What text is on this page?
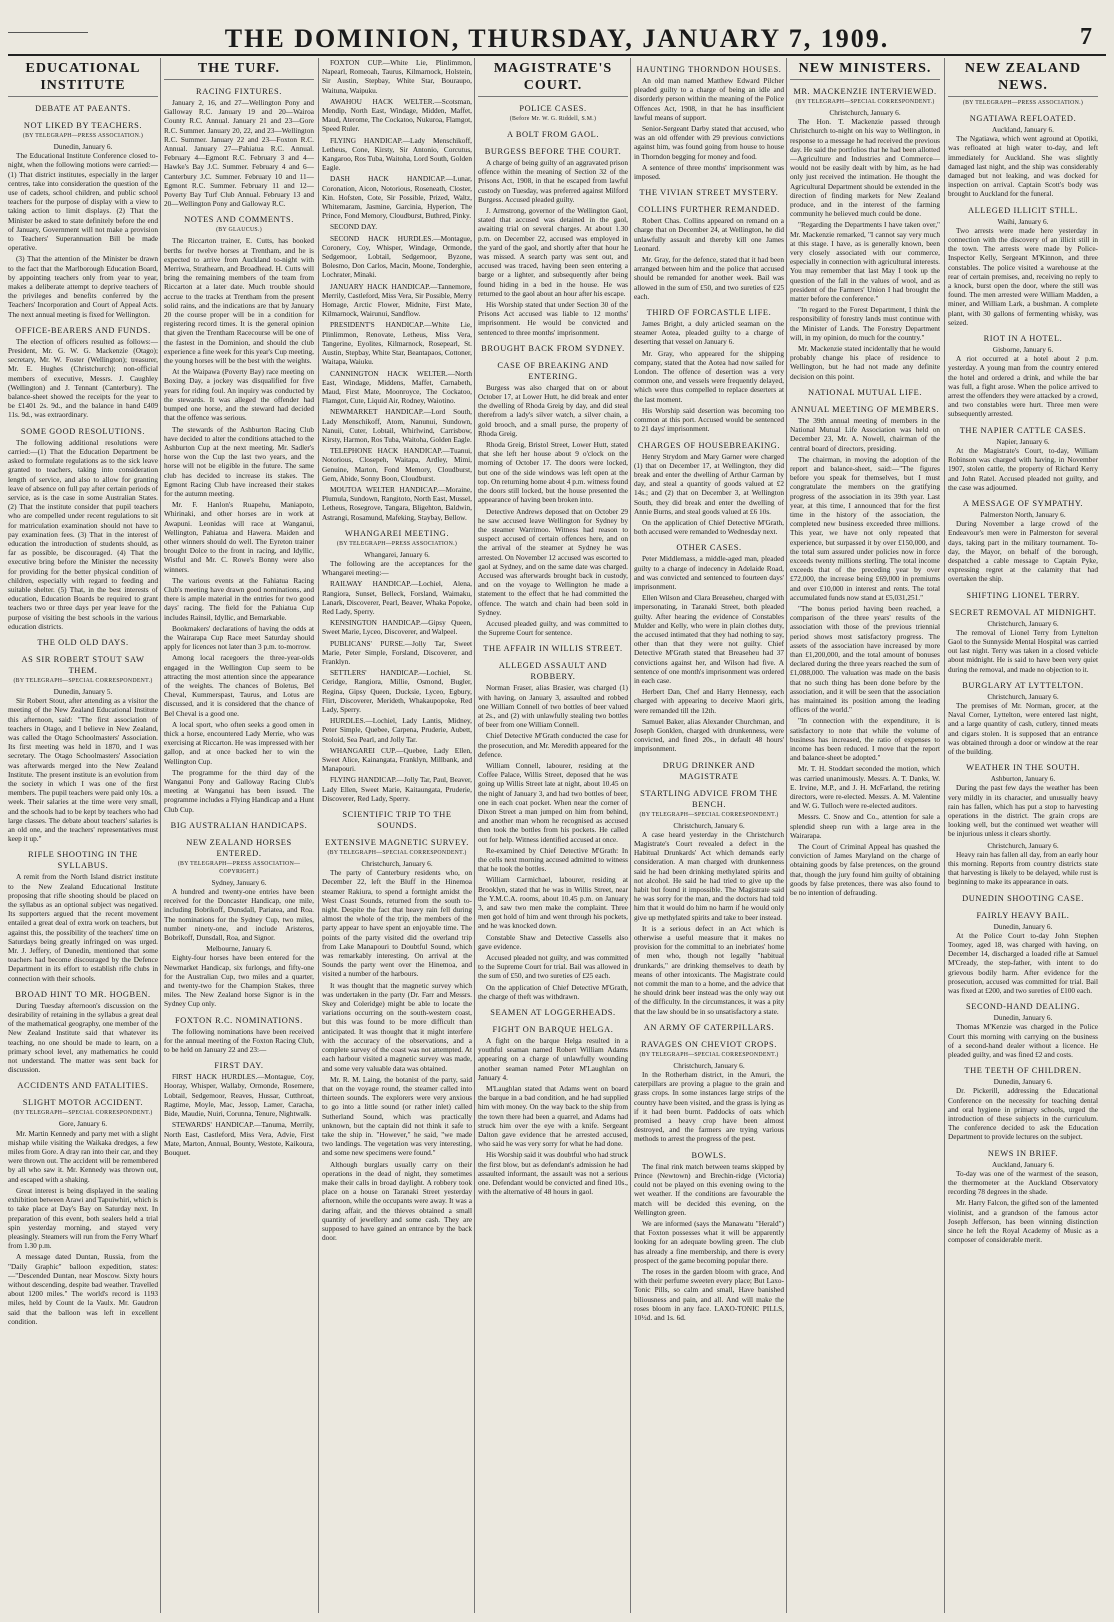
THE DOMINION, THURSDAY, JANUARY 7, 1909.	7
EDUCATIONAL INSTITUTE
DEBATE AT PAEANTS.
NOT LIKED BY TEACHERS.
(BY TELEGRAPH—PRESS ASSOCIATION.)
Dunedin, January 6.

The Educational Institute Conference closed to-night, when the following motions were carried:— (1) That district institutes, especially in the larger centres, take into consideration the question of the use of cadets, school children, and public school teachers for the purpose of display with a view to taking action to limit displays. (2) That the Minister be asked to state definitely before the end of January, Government will not make a provision to Teachers' Superannuation Bill be made operative.

(3) That the attention of the Minister be drawn to the fact that the Marlborough Education Board, by appointing teachers only from year to year, makes a deliberate attempt to deprive teachers of the privileges and benefits conferred by the Teachers' Incorporation and Court of Appeal Acts. The next annual meeting is fixed for Wellington.

OFFICE-BEARERS AND FUNDS.

The election of officers resulted as follows:—President, Mr. G. W. G. Mackenzie (Otago); secretary, Mr. W. Foster (Wellington); treasurer, Mr. E. Hughes (Christchurch); non-official members of executive, Messrs. J. Caughley (Wellington) and J. Tennant (Canterbury). The balance-sheet showed the receipts for the year to be £1401 2s. 9d., and the balance in hand £409 11s. 9d., was extraordinary.

SOME GOOD RESOLUTIONS.

The following additional resolutions were carried:—(1) That the Education Department be asked to formulate regulations as to the sick leave granted to teachers, taking into consideration length of service, and also to allow for granting leave of absence on full pay after certain periods of service, as is the case in some Australian States. (2) That the institute consider that pupil teachers who are compelled under recent regulations to sit for matriculation examination should not have to pay examination fees. (3) That in the interest of education the introduction of students should, as far as possible, be discouraged. (4) That the executive bring before the Minister the necessity for providing for the better physical condition of children, especially with regard to feeding and suitable shelter. (5) That, in the best interests of education, Education Boards be required to grant teachers two or three days per year leave for the purpose of visiting the best schools in the various education districts.

THE OLD OLD DAYS.
AS SIR ROBERT STOUT SAW THEM.
(BY TELEGRAPH—SPECIAL CORRESPONDENT.)
Dunedin, January 5.

Sir Robert Stout, after attending as a visitor the meeting of the New Zealand Educational Institute this afternoon, said: "The first association of teachers in Otago, and I believe in New Zealand, was called the Otago Schoolmasters' Association. Its first meeting was held in 1870, and I was secretary. The Otago Schoolmasters' Association was afterwards merged into the New Zealand Institute. The present institute is an evolution from the society in which I was one of the first members. The pupil teachers were paid only 10s. a week. Their salaries at the time were very small, and the schools had to be kept by teachers who had large classes. The debate about teachers' salaries is an old one, and the teachers' representatives must keep it up."

RIFLE SHOOTING IN THE SYLLABUS.

A remit from the North Island district institute to the New Zealand Educational Institute proposing that rifle shooting should be placed on the syllabus as an optional subject was negatived. Its supporters argued that the recent movement entailed a great deal of extra work on teachers, but against this, the possibility of the teachers' time on Saturdays being greatly infringed on was urged. Mr. J. Jeffery, of Dunedin, mentioned that some teachers had become discouraged by the Defence Department in its effort to establish rifle clubs in connection with their schools.

BROAD HINT TO MR. HOGBEN.

During Tuesday afternoon's discussion on the desirability of retaining in the syllabus a great deal of the mathematical geography, one member of the New Zealand Institute said that whatever its teaching, no one should be made to learn, on a primary school level, any mathematics he could not understand. The matter was sent back for discussion.

ACCIDENTS AND FATALITIES.
SLIGHT MOTOR ACCIDENT.
(BY TELEGRAPH—SPECIAL CORRESPONDENT.)
Gore, January 6.

Mr. Martin Kennedy and party met with a slight mishap while visiting the Waikaka dredges, a few miles from Gore. A dray ran into their car, and they were thrown out. The accident will be remembered by all who saw it. Mr. Kennedy was thrown out, and escaped with a shaking.

Great interest is being displayed in the sealing exhibition between Arawi and Tapuiwhiri, which is to take place at Day's Bay on Saturday next. In preparation of this event, both sealers held a trial spin yesterday morning, and stayed very pleasingly. Steamers will run from the Ferry Wharf from 1.30 p.m.

A message dated Duntan, Russia, from the "Daily Graphic" balloon expedition, states:—"Descended Duntan, near Moscow. Sixty hours without descending, despite bad weather. Travelled about 1200 miles." The world's record is 1193 miles, held by Count de la Vaulx. Mr. Gaudron said that the balloon was left in excellent condition.

THE TURF.
RACING FIXTURES.

January 2, 16, and 27—Wellington Pony and Galloway R.C. January 19 and 20—Wairoa County R.C. Annual. January 21 and 23—Gore R.C. Summer. January 20, 22, and 23—Wellington R.C. Summer. January 22 and 23—Foxton R.C. Annual. January 27—Pahiatua R.C. Annual. February 4—Egmont R.C. February 3 and 4—Hawke's Bay J.C. Summer. February 4 and 6—Canterbury J.C. Summer. February 10 and 11—Egmont R.C. Summer. February 11 and 12—Poverty Bay Turf Club Annual. February 13 and 20—Wellington Pony and Galloway R.C.

NOTES AND COMMENTS.
(BY GLAUCUS.)

The Riccarton trainer, E. Cutts, has booked berths for twelve horses at Trentham, and he is expected to arrive from Auckland to-night with Merriwa, Strathearn, and Broadhead. H. Cutts will bring the remaining members of the team from Riccarton at a later date. Much trouble should accrue to the tracks at Trentham from the present solid rains, and the indications are that by January 20 the course proper will be in a condition for registering record times. It is the general opinion that given the Trentham Racecourse will be one of the fastest in the Dominion, and should the club experience a fine week for this year's Cup meeting, the young horses will be the best with the weights.

At the Waipawa (Poverty Bay) race meeting on Boxing Day, a jockey was disqualified for five years for riding foul. An inquiry was conducted by the stewards. It was alleged the offender had bumped one horse, and the steward had decided that the offence was serious.

The stewards of the Ashburton Racing Club have decided to alter the conditions attached to the Ashburton Cup at the next meeting. Mr. Sadler's horse won the Cup the last two years, and the horse will not be eligible in the future. The same club has decided to increase its stakes. The Egmont Racing Club have increased their stakes for the autumn meeting.

Mr. F. Hanlon's Ruapehu, Maniapoto, Whirinaki, and other horses are in work at Awapuni. Leonidas will race at Wanganui, Wellington, Pahiatua and Hawera. Maiden and other winners should do well. The Eyreton trainer brought Dolce to the front in racing, and Idyllic, Wistful and Mr. C. Rowe's Bonny were also winners.

The various events at the Fahiatua Racing Club's meeting have drawn good nominations, and there is ample material in the entries for two good days' racing. The field for the Pahiatua Cup includes Rainsil, Idyllic, and Bemarkable.

Bookmakers' declarations of having the odds at the Wairarapa Cup Race meet Saturday should apply for licences not later than 3 p.m. to-morrow.

Among local racegoers the three-year-olds engaged in the Wellington Cup seem to be attracting the most attention since the appearance of the weights. The chances of Boletus, Bel Cheval, Kummerspast, Taurus, and Lotus are discussed, and it is considered that the chance of Bel Cheval is a good one.

A local sport, who often seeks a good omen in thick a horse, encountered Lady Merrie, who was exercising at Riccarton. He was impressed with her gallop, and at once backed her to win the Wellington Cup.

The programme for the third day of the Wanganui Pony and Galloway Racing Club's meeting at Wanganui has been issued. The programme includes a Flying Handicap and a Hunt Club Cup.

BIG AUSTRALIAN HANDICAPS.
NEW ZEALAND HORSES ENTERED.
(BY TELEGRAPH—PRESS ASSOCIATION—COPYRIGHT.)
Sydney, January 6.

A hundred and twenty-one entries have been received for the Doncaster Handicap, one mile, including Bobrikoff, Dunsdall, Pariatea, and Roa. The nominations for the Sydney Cup, two miles, number ninety-one, and include Aristeros, Bobrikoff, Dunsdall, Roa, and Signor.

Melbourne, January 6.

Eighty-four horses have been entered for the Newmarket Handicap, six furlongs, and fifty-one for the Australian Cup, two miles and a quarter, and twenty-two for the Champion Stakes, three miles. The New Zealand horse Signor is in the Sydney Cup only.

FOXTON R.C. NOMINATIONS.

The following nominations have been received for the annual meeting of the Foxton Racing Club, to be held on January 22 and 23:—

FIRST DAY.

FIRST HACK HURDLES.—Montague, Coy, Hooray, Whisper, Wallaby, Ormonde, Rosemere, Lobtail, Sedgemoor, Reaves, Hussar, Cutthroat, Ragtime, Moyle, Mac, Jessop, Lamer, Caracha, Bide, Maudie, Nuiri, Corunna, Tenure, Nightwalk.

STEWARDS' HANDICAP.—Tanuma, Merrily, North East, Castleford, Miss Vera, Advie, First Mate, Marton, Annual, Bounty, Westote, Kaikoura, Bouquet.

FOXTON CUP.—White Lie, Plinlimmon, Napearl, Romeoah, Taurus, Kilmarnock, Holstein, Sir Austin, Stepbay, White Star, Bouraupo, Waituna, Waipuku.

AWAHOU HACK WELTER.—Scotsman, Mendip, North East, Windage, Midden, Maffet, Maud, Aterome, The Cockatoo, Nukuroa, Flamgot, Speed Ruler.

FLYING HANDICAP.—Lady Menschikoff, Letheus, Cone, Kirsty, Sir Antonio, Corcutus, Kangaroo, Ros Tuba, Waitoha, Lord South, Golden Eagle.

DASH HACK HANDICAP.—Lunar, Coronation, Aicon, Notorious, Roseneath, Closter, Kin. Hofsten, Cote, Sir Possible, Prized, Waltz, Whitemaram, Jasmine, Garcinia, Hyperion, The Prince, Fond Memory, Cloudburst, Buthred, Pinky.

SECOND DAY.

SECOND HACK HURDLES.—Montague, Coronery, Coy, Whisper, Windage, Ormonde, Sedgemoor, Lobtail, Sedgemoor, Byzone, Bolesmo, Don Carlos, Macin, Moone, Tonderghie, Lochrater, Minaki.

JANUARY HACK HANDICAP.—Tannemore, Merrily, Castleford, Miss Vera, Sir Possible, Merry Homage, Arctic Flower, Midnite, First Mate, Kilmarnock, Wairunui, Sandflow.

PRESIDENT'S HANDICAP.—White Lie, Plinlimmon, Renovate, Letheus, Miss Vera, Tangerine, Eyolites, Kilmarnock, Rosepearl, St. Austin, Stepbay, White Star, Beantapaos, Cottoner, Waitapa, Waiuku.

CANNINGTON HACK WELTER.—North East, Windage, Middens, Maffet, Carnabeth, Maud, First Mate, Moonroyce, The Cockatoo, Flamgot, Cute, Liquid Air, Rodney, Waiotino.

NEWMARKET HANDICAP.—Lord South, Lady Menschikoff, Atom, Nanunui, Sundown, Nanuii, Cuter, Lobtail, Whirlwind, Carrisbow, Kirsty, Harmon, Ros Tuba, Waitoha, Golden Eagle.

TELEPHONE HACK HANDICAP.—Tuanui, Notorious, Closepeh, Waitapa, Ardley, Mimi, Genuine, Marton, Fond Memory, Cloudburst, Gem, Abide, Sonny Boon, Cloudburst.

MOUTOA WELTER HANDICAP.—Moraine, Plumula, Sundown, Rangitoto, North East, Mussel, Letheus, Rosegrove, Tangara, Bligehton, Baldwin, Astrangi, Rosamund, Mafeking, Staybay, Bellow.

WHANGAREI MEETING.
(BY TELEGRAPH—PRESS ASSOCIATION.)
Whangarei, January 6.

The following are the acceptances for the Whangarei meeting:—

RAILWAY HANDICAP.—Lochiel, Alena, Rangiora, Sunset, Belleck, Forsland, Waimaku, Lanark, Discoverer, Pearl, Beaver, Whaka Popoke, Red Lady, Sperry.

KENSINGTON HANDICAP.—Gipsy Queen, Sweet Marie, Lyceo, Discoverer, and Walpeel.

PUBLICANS' PURSE.—Jolly Tar, Sweet Marie, Peter Simple, Forsland, Discoverer, and Franklyn.

SETTLERS' HANDICAP.—Lochiel, St. Ceridge, Rangiora, Millie, Osmond, Bugler, Regina, Gipsy Queen, Ducksie, Lyceo, Egbury, Flirt, Discoverer, Merideth, Whakaupopoke, Red Lady, Sperry.

HURDLES.—Lochiel, Lady Lantis, Midney, Peter Simple, Quebee, Carpena, Pruderie, Aubett, Stoloid, Sea Pearl, and Jolly Tar.

WHANGAREI CUP.—Quebee, Lady Ellen, Sweet Alice, Kainangata, Franklyn, Millbank, and Manapouri.

FLYING HANDICAP.—Jolly Tar, Paul, Beaver, Lady Ellen, Sweet Marie, Kaitaungata, Pruderie, Discoverer, Red Lady, Sperry.

SCIENTIFIC TRIP TO THE SOUNDS.
EXTENSIVE MAGNETIC SURVEY.
(BY TELEGRAPH—SPECIAL CORRESPONDENT.)
Christchurch, January 6.

The party of Canterbury residents who, on December 22, left the Bluff in the Hinemoa steamer Rakiura, to spend a fortnight amidst the West Coast Sounds, returned from the south to-night. Despite the fact that heavy rain fell during almost the whole of the trip, the members of the party appear to have spent an enjoyable time. The points of the party visited did the overland trip from Lake Manapouri to Doubtful Sound, which was remarkably interesting. On arrival at the Sounds the party went over the Hinemoa, and visited a number of the harbours.

It was thought that the magnetic survey which was undertaken in the party (Dr. Farr and Messrs. Skey and Coleridge) might be able to locate the variations occurring on the south-western coast, but this was found to be more difficult than anticipated. It was thought that it might interfere with the accuracy of the observations, and a complete survey of the coast was not attempted. At each harbour visited a magnetic survey was made, and some very valuable data was obtained.

Mr. R. M. Laing, the botanist of the party, said that on the voyage round, the steamer called into thirteen sounds. The explorers were very anxious to go into a little sound (or rather inlet) called Sutherland Sound, which was practically unknown, but the captain did not think it safe to take the ship in. "However," he said, "we made two landings. The vegetation was very interesting, and some new specimens were found."

Although burglars usually carry on their operations in the dead of night, they sometimes make their calls in broad daylight. A robbery took place on a house on Taranaki Street yesterday afternoon, while the occupants were away. It was a daring affair, and the thieves obtained a small quantity of jewellery and some cash. They are supposed to have gained an entrance by the back door.

MAGISTRATE'S COURT.
POLICE CASES.
(Before Mr. W. G. Riddell, S.M.)
A BOLT FROM GAOL.
BURGESS BEFORE THE COURT.

A charge of being guilty of an aggravated prison offence within the meaning of Section 32 of the Prisons Act, 1908, in that he escaped from lawful custody on Tuesday, was preferred against Milford Burgess. Accused pleaded guilty.

J. Armstrong, governor of the Wellington Gaol, stated that accused was detained in the gaol, awaiting trial on several charges. At about 1.30 p.m. on December 22, accused was employed in the yard of the gaol, and shortly after that hour he was missed. A search party was sent out, and accused was traced, having been seen entering a barge or a lighter, and subsequently after being found hiding in a bed in the house. He was returned to the gaol about an hour after his escape.

His Worship stated that under Section 30 of the Prisons Act accused was liable to 12 months' imprisonment. He would be convicted and sentenced to three months' imprisonment.

BROUGHT BACK FROM SYDNEY.
CASE OF BREAKING AND ENTERING.

Burgess was also charged that on or about October 17, at Lower Hutt, he did break and enter the dwelling of Rhoda Greig by day, and did steal therefrom a lady's silver watch, a silver chain, a gold brooch, and a small purse, the property of Rhoda Greig.

Rhoda Greig, Bristol Street, Lower Hutt, stated that she left her house about 9 o'clock on the morning of October 17. The doors were locked, but one of the side windows was left open at the top. On returning home about 4 p.m. witness found the doors still locked, but the house presented the appearance of having been broken into.

Detective Andrews deposed that on October 29 he saw accused leave Wellington for Sydney by the steamer Warrimoo. Witness had reason to suspect accused of certain offences here, and on the arrival of the steamer at Sydney he was arrested. On November 12 accused was escorted to gaol at Sydney, and on the same date was charged. Accused was afterwards brought back in custody, and on the voyage to Wellington he made a statement to the effect that he had committed the offence. The watch and chain had been sold in Sydney.

Accused pleaded guilty, and was committed to the Supreme Court for sentence.

THE AFFAIR IN WILLIS STREET.
ALLEGED ASSAULT AND ROBBERY.

Norman Fraser, alias Brasier, was charged (1) with having, on January 3, assaulted and robbed one William Connell of two bottles of beer valued at 2s., and (2) with unlawfully stealing two bottles of beer from one William Connell.

Chief Detective M'Grath conducted the case for the prosecution, and Mr. Meredith appeared for the defence.

William Connell, labourer, residing at the Coffee Palace, Willis Street, deposed that he was going up Willis Street late at night, about 10.45 on the night of January 3, and had two bottles of beer, one in each coat pocket. When near the corner of Dixon Street a man jumped on him from behind, and another man whom he recognised as accused then took the bottles from his pockets. He called out for help. Witness identified accused at once.

Re-examined by Chief Detective M'Grath: In the cells next morning accused admitted to witness that he took the bottles.

William Carmichael, labourer, residing at Brooklyn, stated that he was in Willis Street, near the Y.M.C.A. rooms, about 10.45 p.m. on January 3, and saw two men make the complaint. Three men got hold of him and went through his pockets, and he was knocked down.

Constable Shaw and Detective Cassells also gave evidence.

Accused pleaded not guilty, and was committed to the Supreme Court for trial. Bail was allowed in the sum of £50, and two sureties of £25 each.

On the application of Chief Detective M'Grath, the charge of theft was withdrawn.

SEAMEN AT LOGGERHEADS.
FIGHT ON BARQUE HELGA.

A fight on the barque Helga resulted in a youthful seaman named Robert William Adams appearing on a charge of unlawfully wounding another seaman named Peter M'Laughlan on January 4.

M'Laughlan stated that Adams went on board the barque in a bad condition, and he had supplied him with money. On the way back to the ship from the town there had been a quarrel, and Adams had struck him over the eye with a knife. Sergeant Dalton gave evidence that he arrested accused, who said he was very sorry for what he had done.

His Worship said it was doubtful who had struck the first blow, but as defendant's admission he had assaulted informant, the assault was not a serious one. Defendant would be convicted and fined 10s., with the alternative of 48 hours in gaol.

HAUNTING THORNDON HOUSES.

An old man named Matthew Edward Pilcher pleaded guilty to a charge of being an idle and disorderly person within the meaning of the Police Offences Act, 1908, in that he has insufficient lawful means of support.

Senior-Sergeant Darby stated that accused, who was an old offender with 29 previous convictions against him, was found going from house to house in Thorndon begging for money and food.

A sentence of three months' imprisonment was imposed.

THE VIVIAN STREET MYSTERY.
COLLINS FURTHER REMANDED.

Robert Chas. Collins appeared on remand on a charge that on December 24, at Wellington, he did unlawfully assault and thereby kill one James Leonard.

Mr. Gray, for the defence, stated that it had been arranged between him and the police that accused should be remanded for another week. Bail was allowed in the sum of £50, and two sureties of £25 each.

THIRD OF FORCASTLE LIFE.

James Bright, a duly articled seaman on the steamer Aotea, pleaded guilty to a charge of deserting that vessel on January 6.

Mr. Gray, who appeared for the shipping company, stated that the Aotea had now sailed for London. The offence of desertion was a very common one, and vessels were frequently delayed, which were thus compelled to replace deserters at the last moment.

His Worship said desertion was becoming too common at this port. Accused would be sentenced to 21 days' imprisonment.

CHARGES OF HOUSEBREAKING.

Henry Strydom and Mary Garner were charged (1) that on December 17, at Wellington, they did break and enter the dwelling of Arthur Carman by day, and steal a quantity of goods valued at £2 14s.; and (2) that on December 3, at Wellington South, they did break and enter the dwelling of Annie Burns, and steal goods valued at £6 10s.

On the application of Chief Detective M'Grath, both accused were remanded to Wednesday next.

OTHER CASES.

Peter Middlemass, a middle-aged man, pleaded guilty to a charge of indecency in Adelaide Road, and was convicted and sentenced to fourteen days' imprisonment.

Ellen Wilson and Clara Breaseheu, charged with impersonating, in Taranaki Street, both pleaded guilty. After hearing the evidence of Constables Mulder and Kelly, who were in plain clothes duty, the accused intimated that they had nothing to say, other than that they were not guilty. Chief Detective M'Grath stated that Breaseheu had 37 convictions against her, and Wilson had five. A sentence of one month's imprisonment was ordered in each case.

Herbert Dan, Chef and Harry Hennessy, each charged with appearing to deceive Maori girls, were remanded till the 12th.

Samuel Baker, alias Alexander Churchman, and Joseph Gonklen, charged with drunkenness, were convicted, and fined 20s., in default 48 hours' imprisonment.

DRUG DRINKER AND MAGISTRATE
STARTLING ADVICE FROM THE BENCH.
(BY TELEGRAPH—SPECIAL CORRESPONDENT.)
Christchurch, January 6.

A case heard yesterday in the Christchurch Magistrate's Court revealed a defect in the Habitual Drunkards' Act which demands early consideration. A man charged with drunkenness said he had been drinking methylated spirits and not alcohol. He said he had tried to give up the habit but found it impossible. The Magistrate said he was sorry for the man, and the doctors had told him that it would do him no harm if he would only give up methylated spirits and take to beer instead.

It is a serious defect in an Act which is otherwise a useful measure that it makes no provision for the committal to an inebriates' home of men who, though not legally "habitual drunkards," are drinking themselves to death by means of other intoxicants. The Magistrate could not commit the man to a home, and the advice that he should drink beer instead was the only way out of the difficulty. In the circumstances, it was a pity that the law should be in so unsatisfactory a state.

AN ARMY OF CATERPILLARS.
RAVAGES ON CHEVIOT CROPS.
(BY TELEGRAPH—SPECIAL CORRESPONDENT.)
Christchurch, January 6.

In the Rotherham district, in the Amuri, the caterpillars are proving a plague to the grain and grass crops. In some instances large strips of the country have been visited, and the grass is lying as if it had been burnt. Paddocks of oats which promised a heavy crop have been almost destroyed, and the farmers are trying various methods to arrest the progress of the pest.

BOWLS.

The final rink match between teams skipped by Prince (Newtown) and Brechin-ridge (Victoria) could not be played on this evening owing to the wet weather. If the conditions are favourable the match will be decided this evening, on the Wellington green.

We are informed (says the Manawatu "Herald") that Foxton possesses what it will be apparently looking for an adequate bowling green. The club has already a fine membership, and there is every prospect of the game becoming popular there.

The roses in the garden bloom with grace, And with their perfume sweeten every place; But Laxo-Tonic Pills, so calm and small, Have banished biliousness and pain, and all. And will make the roses bloom in any face. LAXO-TONIC PILLS, 10½d. and 1s. 6d.

NEW MINISTERS.
MR. MACKENZIE INTERVIEWED.
(BY TELEGRAPH—SPECIAL CORRESPONDENT.)
Christchurch, January 6.

The Hon. T. Mackenzie passed through Christchurch to-night on his way to Wellington, in response to a message he had received the previous day. He said the portfolios that he had been allotted—Agriculture and Industries and Commerce—would not be easily dealt with by him, as he had only just received the intimation. He thought the Agricultural Department should be extended in the direction of finding markets for New Zealand produce, and in the interest of the farming community he believed much could be done.

"Regarding the Departments I have taken over," Mr. Mackenzie remarked, "I cannot say very much at this stage. I have, as is generally known, been very closely associated with our commerce, especially in connection with agricultural interests. You may remember that last May I took up the question of the fall in the values of wool, and as president of the Farmers' Union I had brought the matter before the conference."

"In regard to the Forest Department, I think the responsibility of forestry lands must continue with the Minister of Lands. The Forestry Department will, in my opinion, do much for the country."

Mr. Mackenzie stated incidentally that he would probably change his place of residence to Wellington, but he had not made any definite decision on this point.

NATIONAL MUTUAL LIFE.
ANNUAL MEETING OF MEMBERS.

The 39th annual meeting of members in the National Mutual Life Association was held on December 23, Mr. A. Nowell, chairman of the central board of directors, presiding.

The chairman, in moving the adoption of the report and balance-sheet, said:—"The figures before you speak for themselves, but I must congratulate the members on the gratifying progress of the association in its 39th year. Last year, at this time, I announced that for the first time in the history of the association, the completed new business exceeded three millions. This year, we have not only repeated that experience, but surpassed it by over £150,000, and the total sum assured under policies now in force exceeds twenty millions sterling. The total income exceeds that of the preceding year by over £72,000, the increase being £69,000 in premiums and over £10,000 in interest and rents. The total accumulated funds now stand at £5,031,251."

"The bonus period having been reached, a comparison of the three years' results of the association with those of the previous triennial period shows most satisfactory progress. The assets of the association have increased by more than £1,200,000, and the total amount of bonuses declared during the three years reached the sum of £1,088,000. The valuation was made on the basis that no such thing has been done before by the association, and it will be seen that the association has maintained its position among the leading offices of the world."

"In connection with the expenditure, it is satisfactory to note that while the volume of business has increased, the ratio of expenses to income has been reduced. I move that the report and balance-sheet be adopted."

Mr. T. H. Stoddart seconded the motion, which was carried unanimously. Messrs. A. T. Danks, W. E. Irvine, M.P., and J. H. McFarland, the retiring directors, were re-elected. Messrs. A. M. Valentine and W. G. Tulloch were re-elected auditors.

Messrs. C. Snow and Co., attention for sale a splendid sheep run with a large area in the Wairarapa.

The Court of Criminal Appeal has quashed the conviction of James Maryland on the charge of obtaining goods by false pretences, on the ground that, though the jury found him guilty of obtaining goods by false pretences, there was also found to be no intention of defrauding.

NEW ZEALAND NEWS.
(BY TELEGRAPH—PRESS ASSOCIATION.)
NGATIAWA REFLOATED.
Auckland, January 6.

The Ngatiawa, which went aground at Opotiki, was refloated at high water to-day, and left immediately for Auckland. She was slightly damaged last night, and the ship was considerably damaged but not leaking, and was docked for inspection on arrival. Captain Scott's body was brought to Auckland for the funeral.

ALLEGED ILLICIT STILL.
Waihi, January 6.

Two arrests were made here yesterday in connection with the discovery of an illicit still in the town. The arrests were made by Police-Inspector Kelly, Sergeant M'Kinnon, and three constables. The police visited a warehouse at the rear of certain premises, and, receiving no reply to a knock, burst open the door, where the still was found. The men arrested were William Madden, a miner, and William Lark, a bushman. A complete plant, with 30 gallons of fermenting whisky, was seized.

RIOT IN A HOTEL.
Gisborne, January 6.

A riot occurred at a hotel about 2 p.m. yesterday. A young man from the country entered the hotel and ordered a drink, and while the bar was full, a fight arose. When the police arrived to arrest the offenders they were attacked by a crowd, and two constables were hurt. Three men were subsequently arrested.

THE NAPIER CATTLE CASES.
Napier, January 6.

At the Magistrate's Court, to-day, William Robinson was charged with having, in November 1907, stolen cattle, the property of Richard Kerry and John Ratel. Accused pleaded not guilty, and the case was adjourned.

A MESSAGE OF SYMPATHY.
Palmerston North, January 6.

During November a large crowd of the Endeavour's men were in Palmerston for several days, taking part in the military tournament. To-day, the Mayor, on behalf of the borough, despatched a cable message to Captain Pyke, expressing regret at the calamity that had overtaken the ship.

SHIFTING LIONEL TERRY.
SECRET REMOVAL AT MIDNIGHT.
Christchurch, January 6.

The removal of Lionel Terry from Lyttelton Gaol to the Sunnyside Mental Hospital was carried out last night. Terry was taken in a closed vehicle about midnight. He is said to have been very quiet during the removal, and made no objection to it.

BURGLARY AT LYTTELTON.
Christchurch, January 6.

The premises of Mr. Norman, grocer, at the Naval Corner, Lyttelton, were entered last night, and a large quantity of cash, cutlery, tinned meats and cigars stolen. It is supposed that an entrance was obtained through a door or window at the rear of the building.

WEATHER IN THE SOUTH.
Ashburton, January 6.

During the past few days the weather has been very mildly in its character, and unusually heavy rain has fallen, which has put a stop to harvesting operations in the district. The grain crops are looking well, but the continued wet weather will be injurious unless it clears shortly.

Christchurch, January 6.

Heavy rain has fallen all day, from an early hour this morning. Reports from country districts state that harvesting is likely to be delayed, while rust is beginning to make its appearance in oats.

DUNEDIN SHOOTING CASE.
FAIRLY HEAVY BAIL.
Dunedin, January 6.

At the Police Court to-day John Stephen Toomey, aged 18, was charged with having, on December 14, discharged a loaded rifle at Samuel M'Cready, the step-father, with intent to do grievous bodily harm. After evidence for the prosecution, accused was committed for trial. Bail was fixed at £200, and two sureties of £100 each.

SECOND-HAND DEALING.
Dunedin, January 6.

Thomas M'Kenzie was charged in the Police Court this morning with carrying on the business of a second-hand dealer without a licence. He pleaded guilty, and was fined £2 and costs.

THE TEETH OF CHILDREN.
Dunedin, January 6.

Dr. Pickerill, addressing the Educational Conference on the necessity for teaching dental and oral hygiene in primary schools, urged the introduction of these subjects in the curriculum. The conference decided to ask the Education Department to provide lectures on the subject.

NEWS IN BRIEF.
Auckland, January 6.

To-day was one of the warmest of the season, the thermometer at the Auckland Observatory recording 78 degrees in the shade.

Mr. Harry Falcon, the gifted son of the lamented violinist, and a grandson of the famous actor Joseph Jefferson, has been winning distinction since he left the Royal Academy of Music as a composer of considerable merit.
